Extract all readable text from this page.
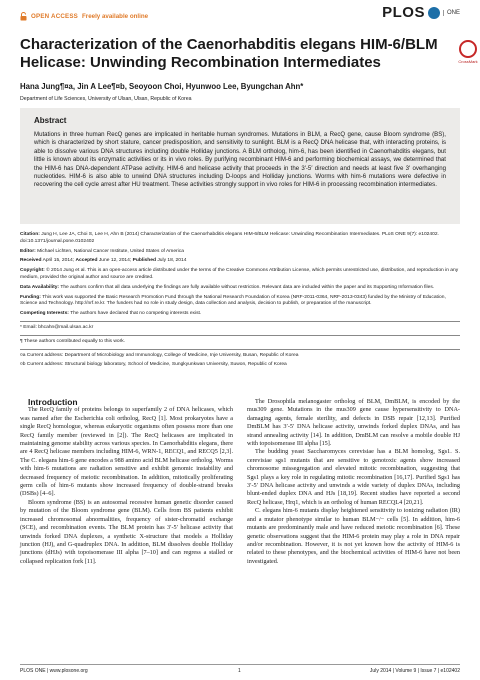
OPEN ACCESS Freely available online	PLOS	ONE
Characterization of the Caenorhabditis elegans HIM-6/BLM Helicase: Unwinding Recombination Intermediates	CrossMark
Hana Jung¶¤a, Jin A Lee¶¤b, Seoyoon Choi, Hyunwoo Lee, Byungchan Ahn*
Department of Life Sciences, University of Ulsan, Ulsan, Republic of Korea
Abstract

Mutations in three human RecQ genes are implicated in heritable human syndromes. Mutations in BLM, a RecQ gene, cause Bloom syndrome (BS), which is characterized by short stature, cancer predisposition, and sensitivity to sunlight. BLM is a RecQ DNA helicase that, with interacting proteins, is able to dissolve various DNA structures including double Holliday junctions. A BLM ortholog, him-6, has been identified in Caenorhabditis elegans, but little is known about its enzymatic activities or its in vivo roles. By purifying recombinant HIM-6 and performing biochemical assays, we determined that the HIM-6 has DNA-dependent ATPase activity. HIM-6 and helicase activity that proceeds in the 3′-5′ direction and needs at least five 3′ overhanging nucleotides. HIM-6 is also able to unwind DNA structures including D-loops and Holliday junctions. Worms with him-6 mutations were defective in recovering the cell cycle arrest after HU treatment. These activities strongly support in vivo roles for HIM-6 in processing recombination intermediates.

Citation: Jung H, Lee JA, Choi S, Lee H, Ahn B (2014) Characterization of the Caenorhabditis elegans HIM-6/BLM Helicase: Unwinding Recombination Intermediates. PLoS ONE 9(7): e102402. doi:10.1371/journal.pone.0102402

Editor: Michael Lichten, National Cancer Institute, United States of America

Received April 15, 2014; Accepted June 12, 2014; Published July 18, 2014

Copyright: © 2014 Jung et al. This is an open-access article distributed under the terms of the Creative Commons Attribution License, which permits unrestricted use, distribution, and reproduction in any medium, provided the original author and source are credited.

Data Availability: The authors confirm that all data underlying the findings are fully available without restriction. Relevant data are included within the paper and its Supporting Information files.

Funding: This work was supported the Basic Research Promotion Fund through the National Research Foundation of Korea (NRF-2011-0364, NRF-2013-0343) funded by the Ministry of Education, Science and Technology. http://nrf.re.kr. The funders had no role in study design, data collection and analysis, decision to publish, or preparation of the manuscript.

Competing Interests: The authors have declared that no competing interests exist.

* Email: bhcahn@mail.ulsan.ac.kr

¶ These authors contributed equally to this work.

¤a Current address: Department of Microbiology and Immunology, College of Medicine, Inje University, Busan, Republic of Korea

¤b Current address: Structural biology laboratory, School of Medicine, Sungkyunkwan University, Suwon, Republic of Korea

Introduction

The RecQ family of proteins belongs to superfamily 2 of DNA helicases, which was named after the Escherichia coli ortholog, RecQ [1]. Most prokaryotes have a single RecQ homologue, whereas eukaryotic organisms often possess more than one RecQ family member (reviewed in [2]). The RecQ helicases are implicated in maintaining genome stability across various species. In Caenorhabditis elegans, there are 4 RecQ helicase members including HIM-6, WRN-1, RECQ1, and RECQ5 [2,3]. The C. elegans him-6 gene encodes a 988 amino acid BLM helicase ortholog. Worms with him-6 mutations are radiation sensitive and exhibit genomic instability and decreased frequency of meiotic recombination. In addition, mitotically proliferating germ cells of him-6 mutants show increased frequency of double-strand breaks (DSBs) [4–6].

Bloom syndrome (BS) is an autosomal recessive human genetic disorder caused by mutation of the Bloom syndrome gene (BLM). Cells from BS patients exhibit increased chromosomal abnormalities, frequency of sister-chromatid exchange (SCE), and recombination events. The BLM protein has 3′-5′ helicase activity that unwinds forked DNA duplexes, a synthetic X-structure that models a Holliday junction (HJ), and G-quadruplex DNA. In addition, BLM dissolves double Holliday junctions (dHJs) with topoisomerase III alpha [7–10] and can regress a stalled or collapsed replication fork [11].

The Drosophila melanogaster ortholog of BLM, DmBLM, is encoded by the mus309 gene. Mutations in the mus309 gene cause hypersensitivity to DNA-damaging agents, female sterility, and defects in DSB repair [12,13]. Purified DmBLM has 3′-5′ DNA helicase activity, unwinds forked duplex DNAs, and has strand annealing activity [14]. In addition, DmBLM can resolve a mobile double HJ with topoisomerase III alpha [15].

The budding yeast Saccharomyces cerevisiae has a BLM homolog, Sgs1. S. cerevisiae sgs1 mutants that are sensitive to genotoxic agents show increased chromosome missegregation and elevated mitotic recombination, suggesting that Sgs1 plays a key role in regulating mitotic recombination [16,17]. Purified Sgs1 has 3′-5′ DNA helicase activity and unwinds a wide variety of duplex DNAs, including blunt-ended duplex DNA and HJs [18,19]. Recent studies have reported a second RecQ helicase, Hrq1, which is an ortholog of human RECQL4 [20,21].

C. elegans him-6 mutants display heightened sensitivity to ionizing radiation (IR) and a mutator phenotype similar to human BLM−/− cells [5]. In addition, him-6 mutants are predominantly male and have reduced meiotic recombination [6]. These genetic observations suggest that the HIM-6 protein may play a role in DNA repair and/or recombination. However, it is not yet known how the activity of HIM-6 is related to these phenotypes, and the biochemical activities of HIM-6 have not been investigated.

PLOS ONE | www.plosone.org	1	July 2014 | Volume 9 | Issue 7 | e102402
